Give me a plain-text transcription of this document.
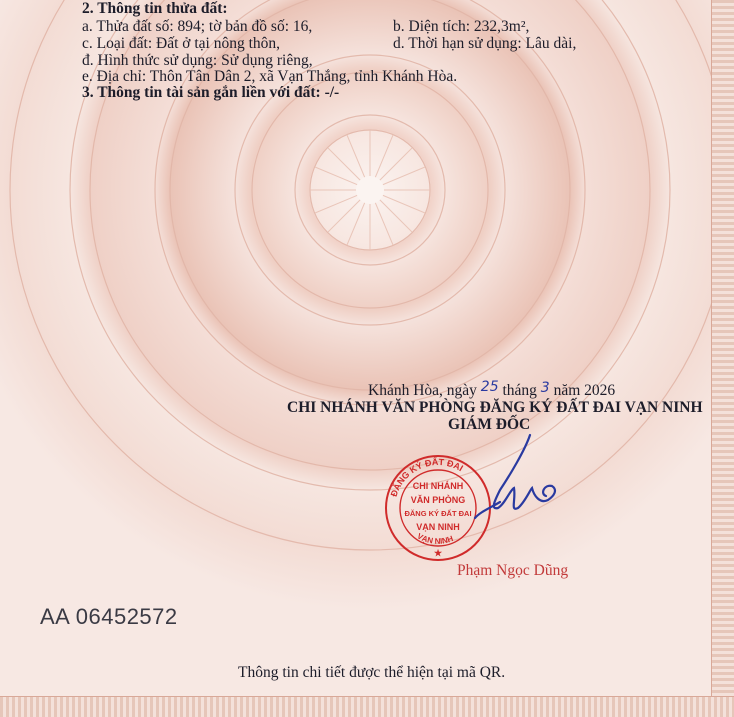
2. Thông tin thửa đất:
a. Thửa đất số: 894; tờ bản đồ số: 16,	b. Diện tích: 232,3m²,
c. Loại đất: Đất ở tại nông thôn,	d. Thời hạn sử dụng: Lâu dài,
đ. Hình thức sử dụng: Sử dụng riêng,
e. Địa chỉ: Thôn Tân Dân 2, xã Vạn Thắng, tỉnh Khánh Hòa.
3. Thông tin tài sản gắn liền với đất: -/-
Khánh Hòa, ngày 25 tháng 3 năm 2026
CHI NHÁNH VĂN PHÒNG ĐĂNG KÝ ĐẤT ĐAI VẠN NINH
GIÁM ĐỐC
ĐĂNG KÝ ĐẤT ĐAI
VẠN NINH
CHI NHÁNH
VĂN PHÒNG
ĐĂNG KÝ ĐẤT ĐAI
VẠN NINH
★
Phạm Ngọc Dũng
AA 06452572
Thông tin chi tiết được thể hiện tại mã QR.
